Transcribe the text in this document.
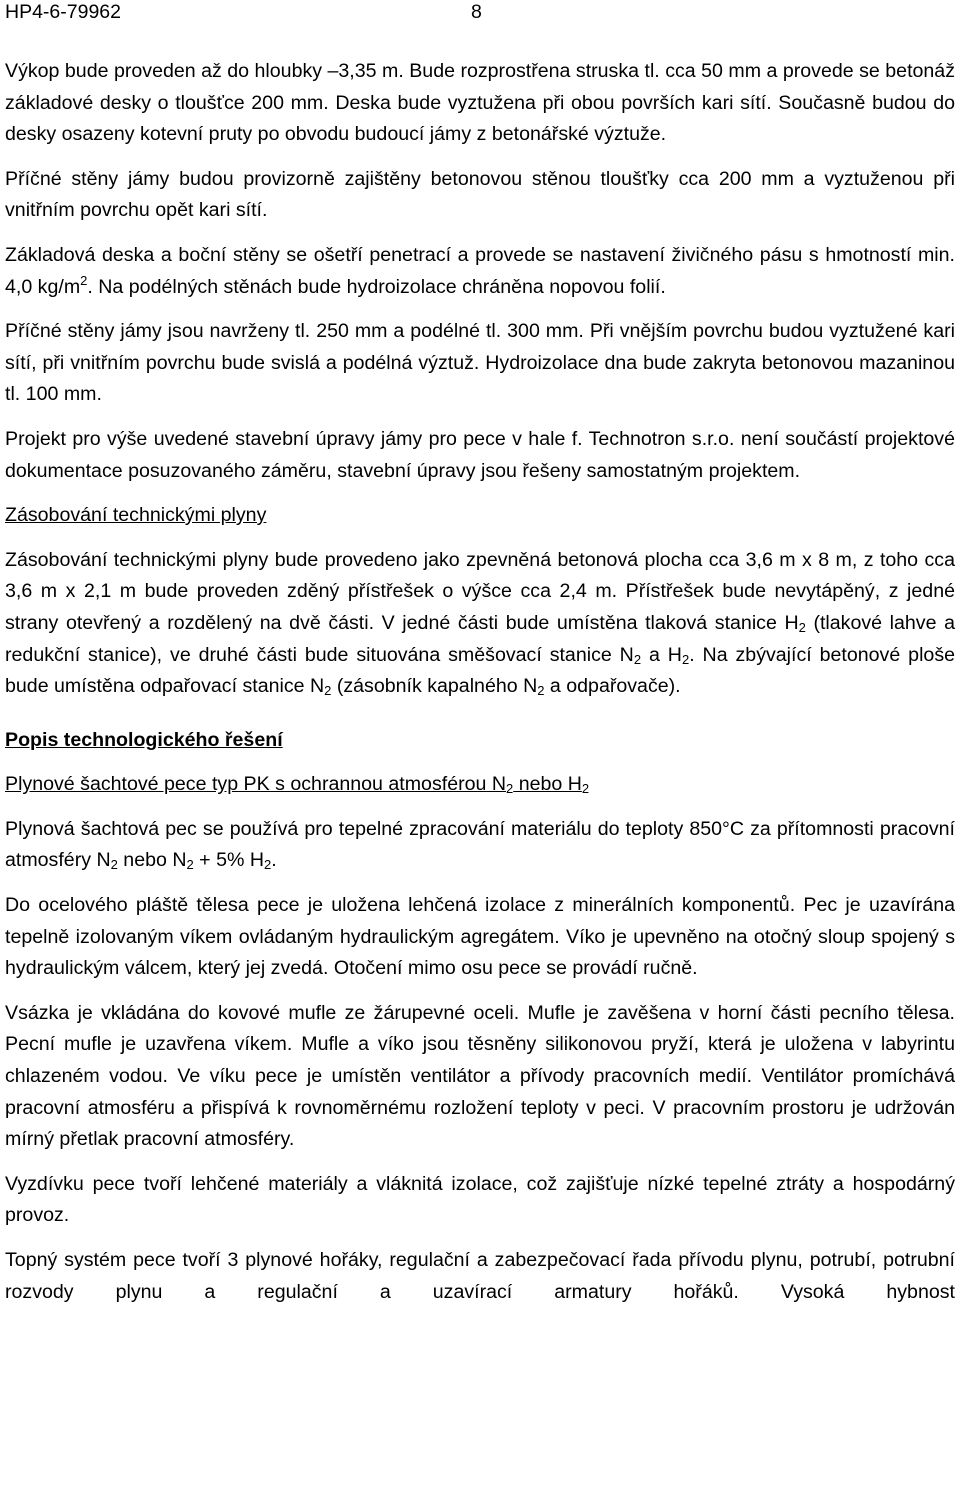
HP4-6-79962	8

Výkop bude proveden až do hloubky –3,35 m. Bude rozprostřena struska tl. cca 50 mm a provede se betonáž základové desky o tloušťce 200 mm. Deska bude vyztužena při obou površích kari sítí. Současně budou do desky osazeny kotevní pruty po obvodu budoucí jámy z betonářské výztuže.

Příčné stěny jámy budou provizorně zajištěny betonovou stěnou tloušťky cca 200 mm a vyztuženou při vnitřním povrchu opět kari sítí.

Základová deska a boční stěny se ošetří penetrací a provede se nastavení živičného pásu s hmotností min. 4,0 $kg/m^2$. Na podélných stěnách bude hydroizolace chráněna nopovou folií.

Příčné stěny jámy jsou navrženy tl. 250 mm a podélné tl. 300 mm. Při vnějším povrchu budou vyztužené kari sítí, při vnitřním povrchu bude svislá a podélná výztuž. Hydroizolace dna bude zakryta betonovou mazaninou tl. 100 mm.

Projekt pro výše uvedené stavební úpravy jámy pro pece v hale f. Technotron s.r.o. není součástí projektové dokumentace posuzovaného záměru, stavební úpravy jsou řešeny samostatným projektem.

Zásobování technickými plyny

Zásobování technickými plyny bude provedeno jako zpevněná betonová plocha cca 3,6 m x 8 m, z toho cca 3,6 m x 2,1 m bude proveden zděný přístřešek o výšce cca 2,4 m. Přístřešek bude nevytápěný, z jedné strany otevřený a rozdělený na dvě části. V jedné části bude umístěna tlaková stanice $H_2$ (tlakové lahve a redukční stanice), ve druhé části bude situována směšovací stanice $N_2$ a $H_2$. Na zbývající betonové ploše bude umístěna odpařovací stanice $N_2$ (zásobník kapalného $N_2$ a odpařovače).

Popis technologického řešení
Plynové šachtové pece typ PK s ochrannou atmosférou $N_2$ nebo $H_2$

Plynová šachtová pec se používá pro tepelné zpracování materiálu do teploty 850°C za přítomnosti pracovní atmosféry $N_2$ nebo $N_2 + 5\%$ $H_2$.

Do ocelového pláště tělesa pece je uložena lehčená izolace z minerálních komponentů. Pec je uzavírána tepelně izolovaným víkem ovládaným hydraulickým agregátem. Víko je upevněno na otočný sloup spojený s hydraulickým válcem, který jej zvedá. Otočení mimo osu pece se provádí ručně.

Vsázka je vkládána do kovové mufle ze žárupevné oceli. Mufle je zavěšena v horní části pecního tělesa. Pecní mufle je uzavřena víkem. Mufle a víko jsou těsněny silikonovou pryží, která je uložena v labyrintu chlazeném vodou. Ve víku pece je umístěn ventilátor a přívody pracovních medií. Ventilátor promíchává pracovní atmosféru a přispívá k rovnoměrnému rozložení teploty v peci. V pracovním prostoru je udržován mírný přetlak pracovní atmosféry.

Vyzdívku pece tvoří lehčené materiály a vláknitá izolace, což zajišťuje nízké tepelné ztráty a hospodárný provoz.

Topný systém pece tvoří 3 plynové hořáky, regulační a zabezpečovací řada přívodu plynu, potrubí, potrubní rozvody plynu a regulační a uzavírací armatury hořáků. Vysoká hybnost
